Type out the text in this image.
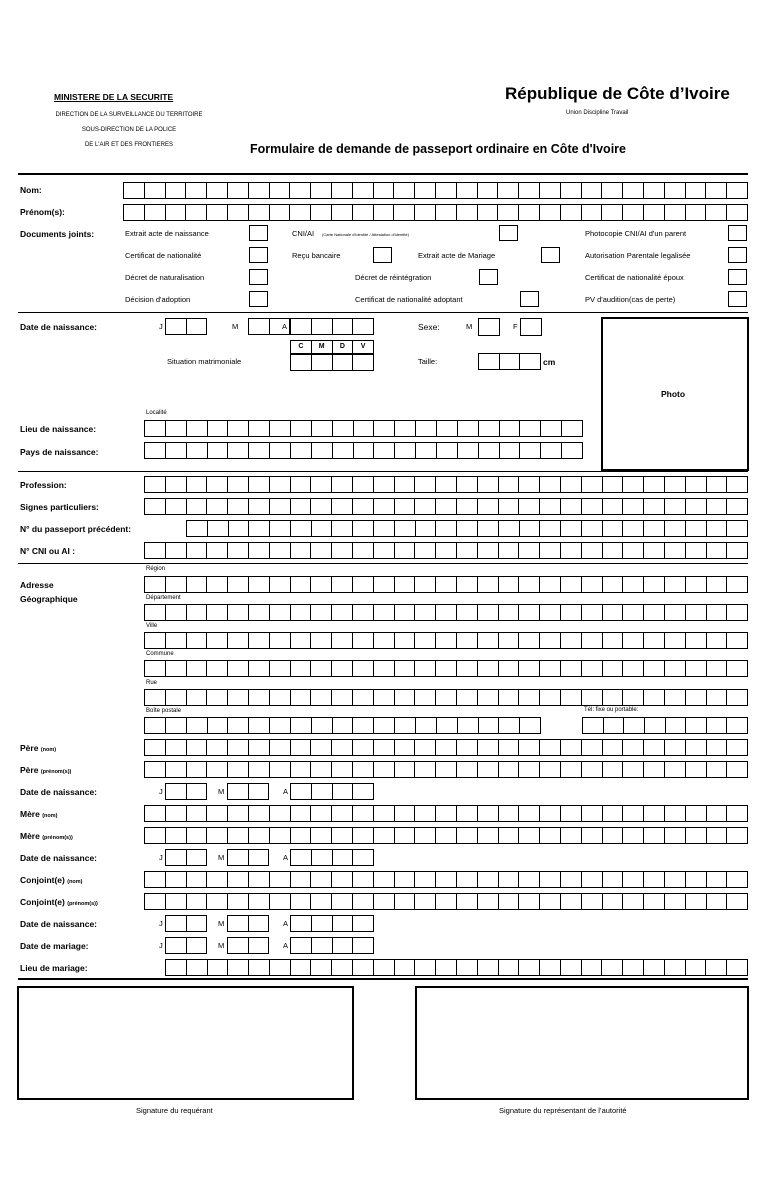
MINISTERE DE LA SECURITE
DIRECTION DE LA SURVEILLANCE DU TERRITOIRE
SOUS-DIRECTION DE LA POLICE
DE L'AIR ET DES FRONTIERES
République de Côte d’Ivoire
Union Discipline Travail
Formulaire de demande de passeport ordinaire en Côte d'Ivoire
Nom:
Prénom(s):
Documents joints:	Extrait acte de naissance	CNI/AI (Carte Nationale d'Identité / Attestation d'Identité)	Photocopie CNI/AI d'un parent
Certificat de nationalité	Reçu bancaire	Extrait acte de Mariage	Autorisation Parentale legalisée
Décret de naturalisation	Décret de réintégration	Certificat de nationalité époux
Décision d'adoption	Certificat de nationalité adoptant	PV d'audition(cas de perte)
Date de naissance:	J	M	A	Sexe:	M	F
C	M	D	V
Situation matrimoniale	Taille:	cm
Photo
Localité
Lieu de naissance:
Pays de naissance:
Profession:
Signes particuliers:
N° du passeport précédent:
N° CNI ou AI :
Adresse
Géographique
Région
Département
Ville
Commune
Rue
Boîte postale	Tél: fixe ou portable:
Père (nom)
Père (prénom(s))
Date de naissance:	J	M	A
Mère (nom)
Mère (prénom(s))
Date de naissance:	J	M	A
Conjoint(e) (nom)
Conjoint(e) (prénom(s))
Date de naissance:	J	M	A
Date de mariage:	J	M	A
Lieu de mariage:
Signature du requérant	Signature du représentant de l’autorité
